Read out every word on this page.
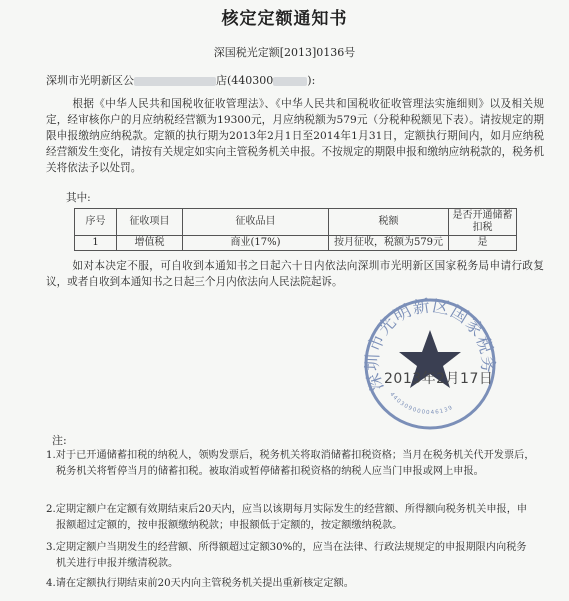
核定定额通知书
深国税光定额[2013]0136号
深圳市光明新区公	店(440300	):
根据《中华人民共和国税收征收管理法》、《中华人民共和国税收征收管理法实施细则》以及相关规定，经审核你户的月应纳税经营额为19300元，月应纳税额为579元（分税种税额见下表）。请按规定的期限申报缴纳应纳税款。定额的执行期为2013年2月1日至2014年1月31日，定额执行期间内，如月应纳税经营额发生变化，请按有关规定如实向主管税务机关申报。不按规定的期限申报和缴纳应纳税款的，税务机关将依法予以处罚。
其中:
序号	征收项目	征收品目	税额	是否开通储蓄扣税
1	增值税	商业(17%)	按月征收，税额为579元	是
如对本决定不服，可自收到本通知书之日起六十日内依法向深圳市光明新区国家税务局申请行政复议，或者自收到本通知书之日起三个月内依法向人民法院起诉。
深圳市光明新区国家税务
440309000046139
2013年2月17日
注:
1.对于已开通储蓄扣税的纳税人，领购发票后，税务机关将取消储蓄扣税资格；当月在税务机关代开发票后，税务机关将暂停当月的储蓄扣税。被取消或暂停储蓄扣税资格的纳税人应当门申报或网上申报。
2.定期定额户在定额有效期结束后20天内，应当以该期每月实际发生的经营额、所得额向税务机关申报，申报额超过定额的，按申报额缴纳税款；申报额低于定额的，按定额缴纳税款。
3.定期定额户当期发生的经营额、所得额超过定额30%的，应当在法律、行政法规规定的申报期限内向税务机关进行申报并缴清税款。
4.请在定额执行期结束前20天内向主管税务机关提出重新核定定额。
